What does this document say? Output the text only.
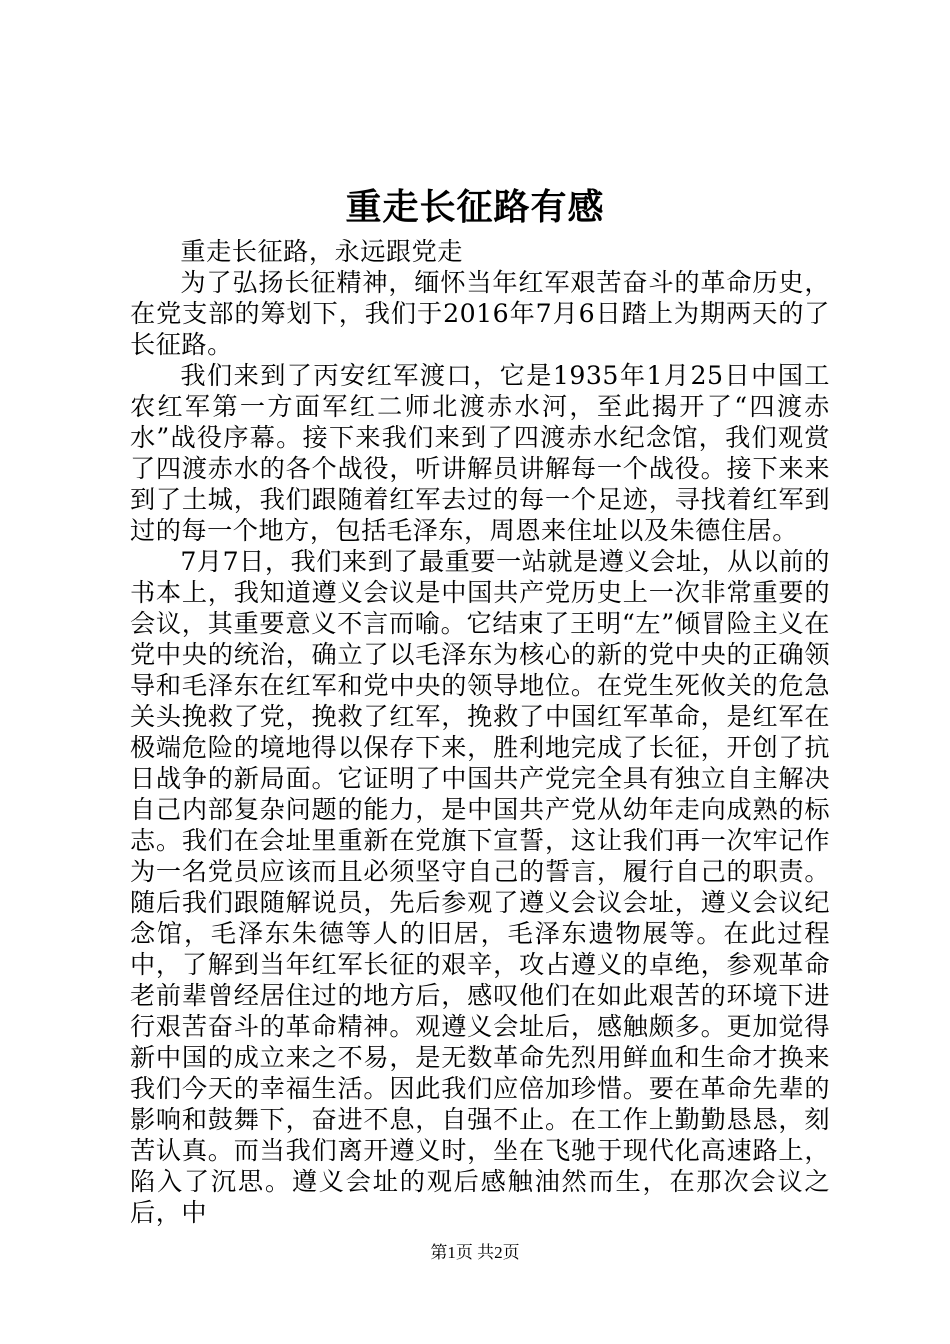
重走长征路有感

重走长征路，永远跟党走

为了弘扬长征精神，缅怀当年红军艰苦奋斗的革命历史，在党支部的筹划下，我们于2016年7月6日踏上为期两天的了长征路。

我们来到了丙安红军渡口，它是1935年1月25日中国工农红军第一方面军红二师北渡赤水河，至此揭开了“四渡赤水”战役序幕。接下来我们来到了四渡赤水纪念馆，我们观赏了四渡赤水的各个战役，听讲解员讲解每一个战役。接下来来到了土城，我们跟随着红军去过的每一个足迹，寻找着红军到过的每一个地方，包括毛泽东，周恩来住址以及朱德住居。

7月7日，我们来到了最重要一站就是遵义会址，从以前的书本上，我知道遵义会议是中国共产党历史上一次非常重要的会议，其重要意义不言而喻。它结束了王明“左”倾冒险主义在党中央的统治，确立了以毛泽东为核心的新的党中央的正确领导和毛泽东在红军和党中央的领导地位。在党生死攸关的危急关头挽救了党，挽救了红军，挽救了中国红军革命，是红军在极端危险的境地得以保存下来，胜利地完成了长征，开创了抗日战争的新局面。它证明了中国共产党完全具有独立自主解决自己内部复杂问题的能力，是中国共产党从幼年走向成熟的标志。我们在会址里重新在党旗下宣誓，这让我们再一次牢记作为一名党员应该而且必须坚守自己的誓言，履行自己的职责。随后我们跟随解说员，先后参观了遵义会议会址，遵义会议纪念馆，毛泽东朱德等人的旧居，毛泽东遗物展等。在此过程中，了解到当年红军长征的艰辛，攻占遵义的卓绝，参观革命老前辈曾经居住过的地方后，感叹他们在如此艰苦的环境下进行艰苦奋斗的革命精神。观遵义会址后，感触颇多。更加觉得新中国的成立来之不易，是无数革命先烈用鲜血和生命才换来我们今天的幸福生活。因此我们应倍加珍惜。要在革命先辈的影响和鼓舞下，奋进不息，自强不止。在工作上勤勤恳恳，刻苦认真。而当我们离开遵义时，坐在飞驰于现代化高速路上，陷入了沉思。遵义会址的观后感触油然而生，在那次会议之后，中

第1页 共2页
